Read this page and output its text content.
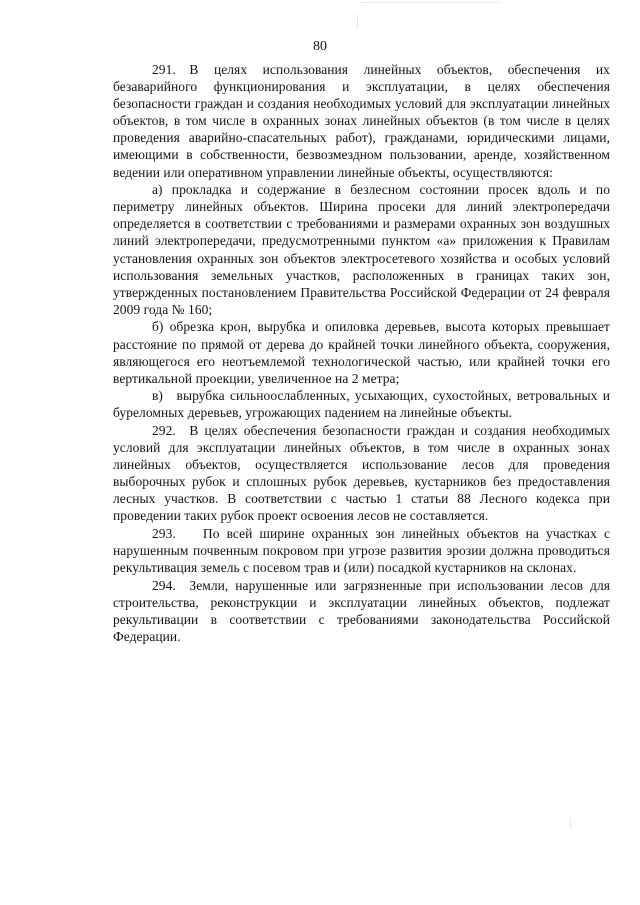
80

291. В целях использования линейных объектов, обеспечения их безаварийного функционирования и эксплуатации, в целях обеспечения безопасности граждан и создания необходимых условий для эксплуатации линейных объектов, в том числе в охранных зонах линейных объектов (в том числе в целях проведения аварийно-спасательных работ), гражданами, юридическими лицами, имеющими в собственности, безвозмездном пользовании, аренде, хозяйственном ведении или оперативном управлении линейные объекты, осуществляются:

а) прокладка и содержание в безлесном состоянии просек вдоль и по периметру линейных объектов. Ширина просеки для линий электропередачи определяется в соответствии с требованиями и размерами охранных зон воздушных линий электропередачи, предусмотренными пунктом «а» приложения к Правилам установления охранных зон объектов электросетевого хозяйства и особых условий использования земельных участков, расположенных в границах таких зон, утвержденных постановлением Правительства Российской Федерации от 24 февраля 2009 года № 160;

б) обрезка крон, вырубка и опиловка деревьев, высота которых превышает расстояние по прямой от дерева до крайней точки линейного объекта, сооружения, являющегося его неотъемлемой технологической частью, или крайней точки его вертикальной проекции, увеличенное на 2 метра;

в) вырубка сильноослабленных, усыхающих, сухостойных, ветровальных и буреломных деревьев, угрожающих падением на линейные объекты.

292. В целях обеспечения безопасности граждан и создания необходимых условий для эксплуатации линейных объектов, в том числе в охранных зонах линейных объектов, осуществляется использование лесов для проведения выборочных рубок и сплошных рубок деревьев, кустарников без предоставления лесных участков. В соответствии с частью 1 статьи 88 Лесного кодекса при проведении таких рубок проект освоения лесов не составляется.

293.  По всей ширине охранных зон линейных объектов на участках с нарушенным почвенным покровом при угрозе развития эрозии должна проводиться рекультивация земель с посевом трав и (или) посадкой кустарников на склонах.

294. Земли, нарушенные или загрязненные при использовании лесов для строительства, реконструкции и эксплуатации линейных объектов, подлежат рекультивации в соответствии с требованиями законодательства Российской Федерации.
